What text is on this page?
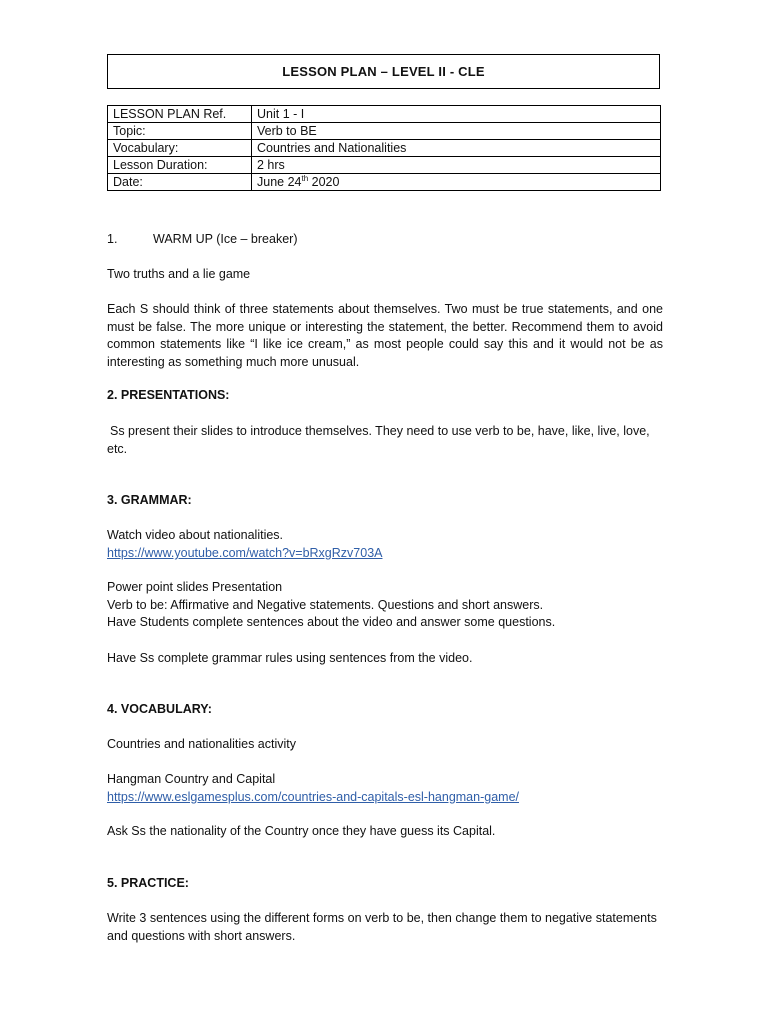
LESSON PLAN – LEVEL II - CLE
LESSON PLAN Ref.	Unit 1 - I
Topic:	Verb to BE
Vocabulary:	Countries and Nationalities
Lesson Duration:	2 hrs
Date:	June 24th 2020
1.	WARM UP (Ice – breaker)
Two truths and a lie game
Each S should think of three statements about themselves. Two must be true statements, and one must be false. The more unique or interesting the statement, the better. Recommend them to avoid common statements like “I like ice cream,” as most people could say this and it would not be as interesting as something much more unusual.
2. PRESENTATIONS:
Ss present their slides to introduce themselves. They need to use verb to be, have, like, live, love, etc.
3. GRAMMAR:
Watch video about nationalities.
https://www.youtube.com/watch?v=bRxgRzv703A
Power point slides Presentation
Verb to be: Affirmative and Negative statements. Questions and short answers.
Have Students complete sentences about the video and answer some questions.
Have Ss complete grammar rules using sentences from the video.
4. VOCABULARY:
Countries and nationalities activity
Hangman Country and Capital
https://www.eslgamesplus.com/countries-and-capitals-esl-hangman-game/
Ask Ss the nationality of the Country once they have guess its Capital.
5. PRACTICE:
Write 3 sentences using the different forms on verb to be, then change them to negative statements and questions with short answers.
